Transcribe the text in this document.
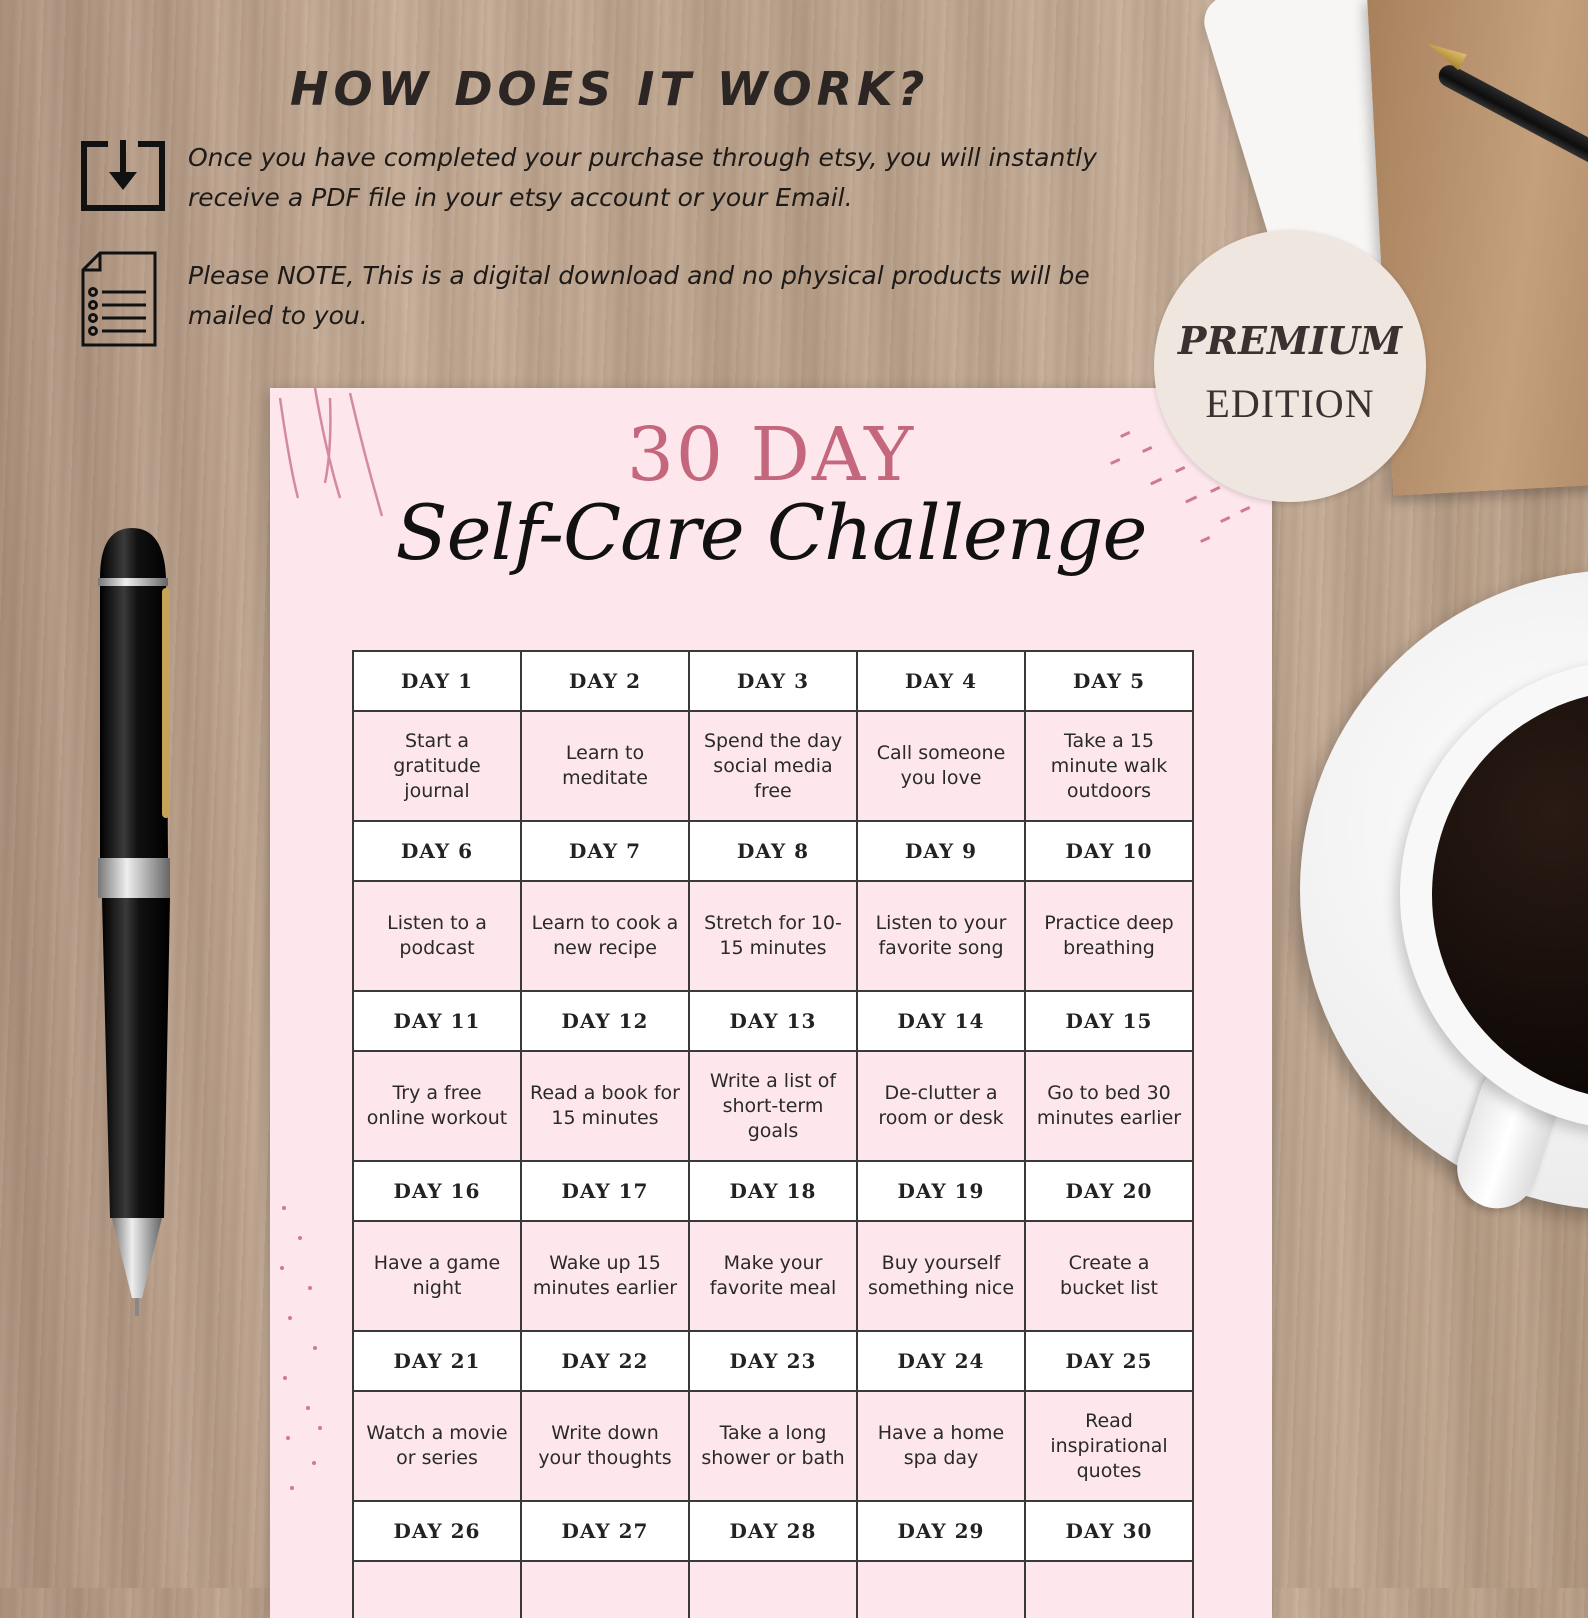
HOW DOES IT WORK?

Once you have completed your purchase through etsy, you will instantly receive a PDF file in your etsy account or your Email.

Please NOTE, This is a digital download and no physical products will be mailed to you.

30 DAY
Self-Care Challenge
DAY 1	DAY 2	DAY 3	DAY 4	DAY 5
Start a gratitude journal	Learn to meditate	Spend the day social media free	Call someone you love	Take a 15 minute walk outdoors
DAY 6	DAY 7	DAY 8	DAY 9	DAY 10
Listen to a podcast	Learn to cook a new recipe	Stretch for 10-15 minutes	Listen to your favorite song	Practice deep breathing
DAY 11	DAY 12	DAY 13	DAY 14	DAY 15
Try a free online workout	Read a book for 15 minutes	Write a list of short-term goals	De-clutter a room or desk	Go to bed 30 minutes earlier
DAY 16	DAY 17	DAY 18	DAY 19	DAY 20
Have a game night	Wake up 15 minutes earlier	Make your favorite meal	Buy yourself something nice	Create a bucket list
DAY 21	DAY 22	DAY 23	DAY 24	DAY 25
Watch a movie or series	Write down your thoughts	Take a long shower or bath	Have a home spa day	Read inspirational quotes
DAY 26	DAY 27	DAY 28	DAY 29	DAY 30

PREMIUM
EDITION
